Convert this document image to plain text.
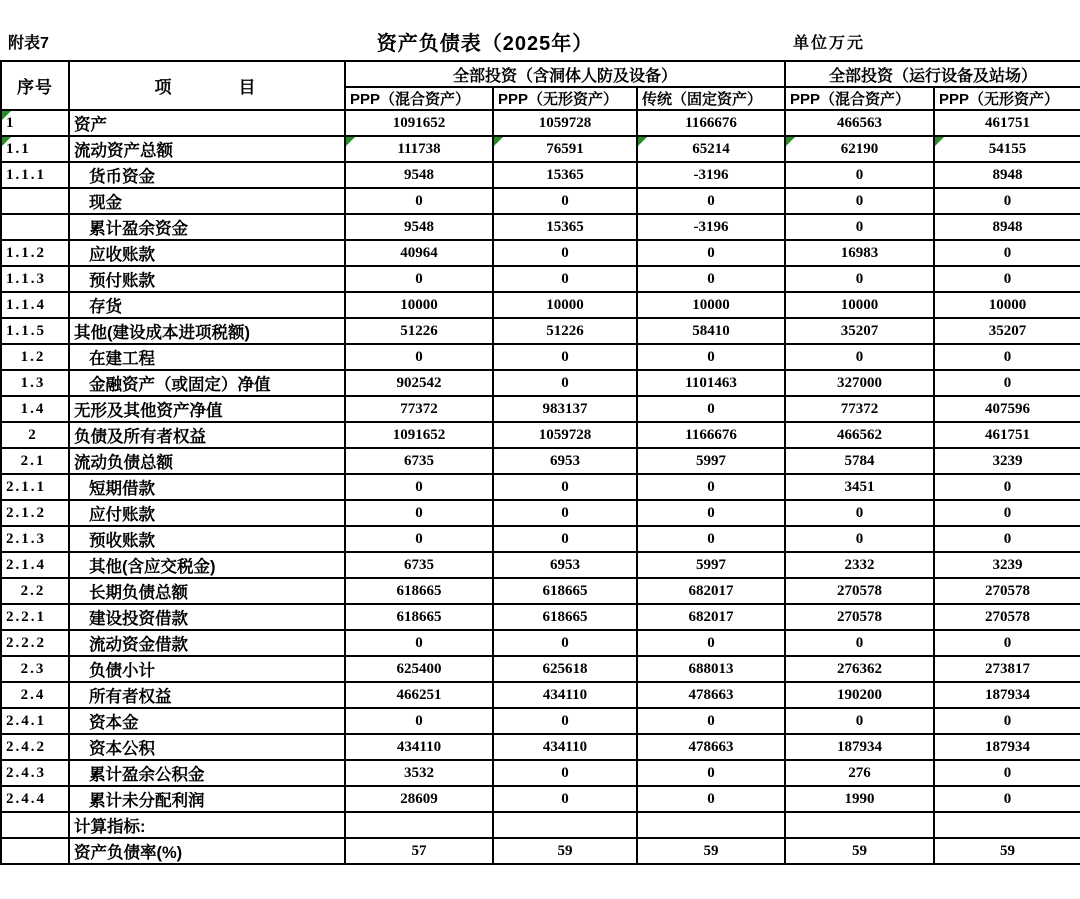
附表7	资产负债表（2025年）	单位万元
序号	项　　　目	全部投资（含洞体人防及设备）			全部投资（运行设备及站场）	
		PPP（混合资产）	PPP（无形资产）	传统（固定资产）	PPP（混合资产）	PPP（无形资产）
1	资产	1091652	1059728	1166676	466563	461751
1.1	流动资产总额	111738	76591	65214	62190	54155
1.1.1	货币资金	9548	15365	-3196	0	8948
	现金	0	0	0	0	0
	累计盈余资金	9548	15365	-3196	0	8948
1.1.2	应收账款	40964	0	0	16983	0
1.1.3	预付账款	0	0	0	0	0
1.1.4	存货	10000	10000	10000	10000	10000
1.1.5	其他(建设成本进项税额)	51226	51226	58410	35207	35207
1.2	在建工程	0	0	0	0	0
1.3	金融资产（或固定）净值	902542	0	1101463	327000	0
1.4	无形及其他资产净值	77372	983137	0	77372	407596
2	负债及所有者权益	1091652	1059728	1166676	466562	461751
2.1	流动负债总额	6735	6953	5997	5784	3239
2.1.1	短期借款	0	0	0	3451	0
2.1.2	应付账款	0	0	0	0	0
2.1.3	预收账款	0	0	0	0	0
2.1.4	其他(含应交税金)	6735	6953	5997	2332	3239
2.2	长期负债总额	618665	618665	682017	270578	270578
2.2.1	建设投资借款	618665	618665	682017	270578	270578
2.2.2	流动资金借款	0	0	0	0	0
2.3	负债小计	625400	625618	688013	276362	273817
2.4	所有者权益	466251	434110	478663	190200	187934
2.4.1	资本金	0	0	0	0	0
2.4.2	资本公积	434110	434110	478663	187934	187934
2.4.3	累计盈余公积金	3532	0	0	276	0
2.4.4	累计未分配利润	28609	0	0	1990	0
	计算指标:					
	资产负债率(%)	57	59	59	59	59
